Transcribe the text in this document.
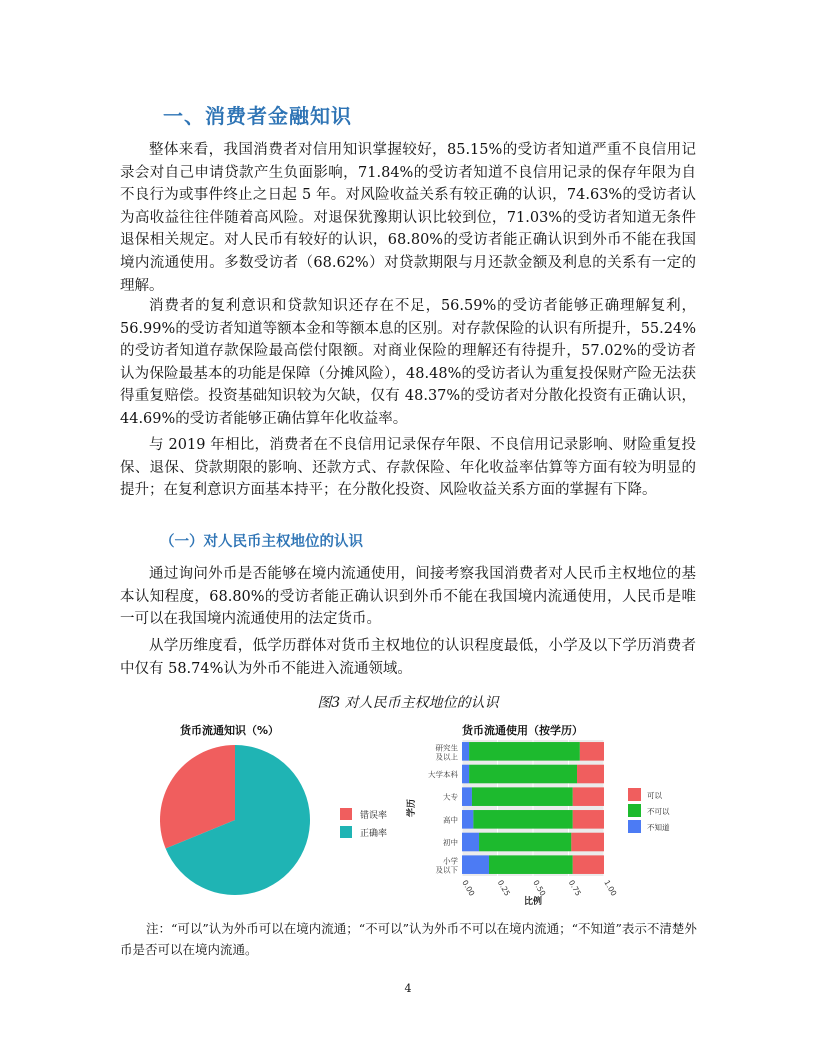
一、消费者金融知识

整体来看，我国消费者对信用知识掌握较好，85.15%的受访者知道严重不良信用记录会对自己申请贷款产生负面影响，71.84%的受访者知道不良信用记录的保存年限为自不良行为或事件终止之日起 5 年。对风险收益关系有较正确的认识，74.63%的受访者认为高收益往往伴随着高风险。对退保犹豫期认识比较到位，71.03%的受访者知道无条件退保相关规定。对人民币有较好的认识，68.80%的受访者能正确认识到外币不能在我国境内流通使用。多数受访者（68.62%）对贷款期限与月还款金额及利息的关系有一定的理解。

消费者的复利意识和贷款知识还存在不足，56.59%的受访者能够正确理解复利，56.99%的受访者知道等额本金和等额本息的区别。对存款保险的认识有所提升，55.24%的受访者知道存款保险最高偿付限额。对商业保险的理解还有待提升，57.02%的受访者认为保险最基本的功能是保障（分摊风险），48.48%的受访者认为重复投保财产险无法获得重复赔偿。投资基础知识较为欠缺，仅有 48.37%的受访者对分散化投资有正确认识，44.69%的受访者能够正确估算年化收益率。

与 2019 年相比，消费者在不良信用记录保存年限、不良信用记录影响、财险重复投保、退保、贷款期限的影响、还款方式、存款保险、年化收益率估算等方面有较为明显的提升；在复利意识方面基本持平；在分散化投资、风险收益关系方面的掌握有下降。

（一）对人民币主权地位的认识

通过询问外币是否能够在境内流通使用，间接考察我国消费者对人民币主权地位的基本认知程度，68.80%的受访者能正确认识到外币不能在我国境内流通使用，人民币是唯一可以在我国境内流通使用的法定货币。

从学历维度看，低学历群体对货币主权地位的认识程度最低，小学及以下学历消费者中仅有 58.74%认为外币不能进入流通领域。

图3 对人民币主权地位的认识
货币流通知识（%）
错误率
正确率
货币流通使用（按学历）
研究生及以上
大学本科
大专
高中
初中
小学及以下
0.00	0.25	0.50	0.75	1.00
比例
学历
可以
不可以
不知道

注：“可以”认为外币可以在境内流通；“不可以”认为外币不可以在境内流通；“不知道”表示不清楚外币是否可以在境内流通。

4
